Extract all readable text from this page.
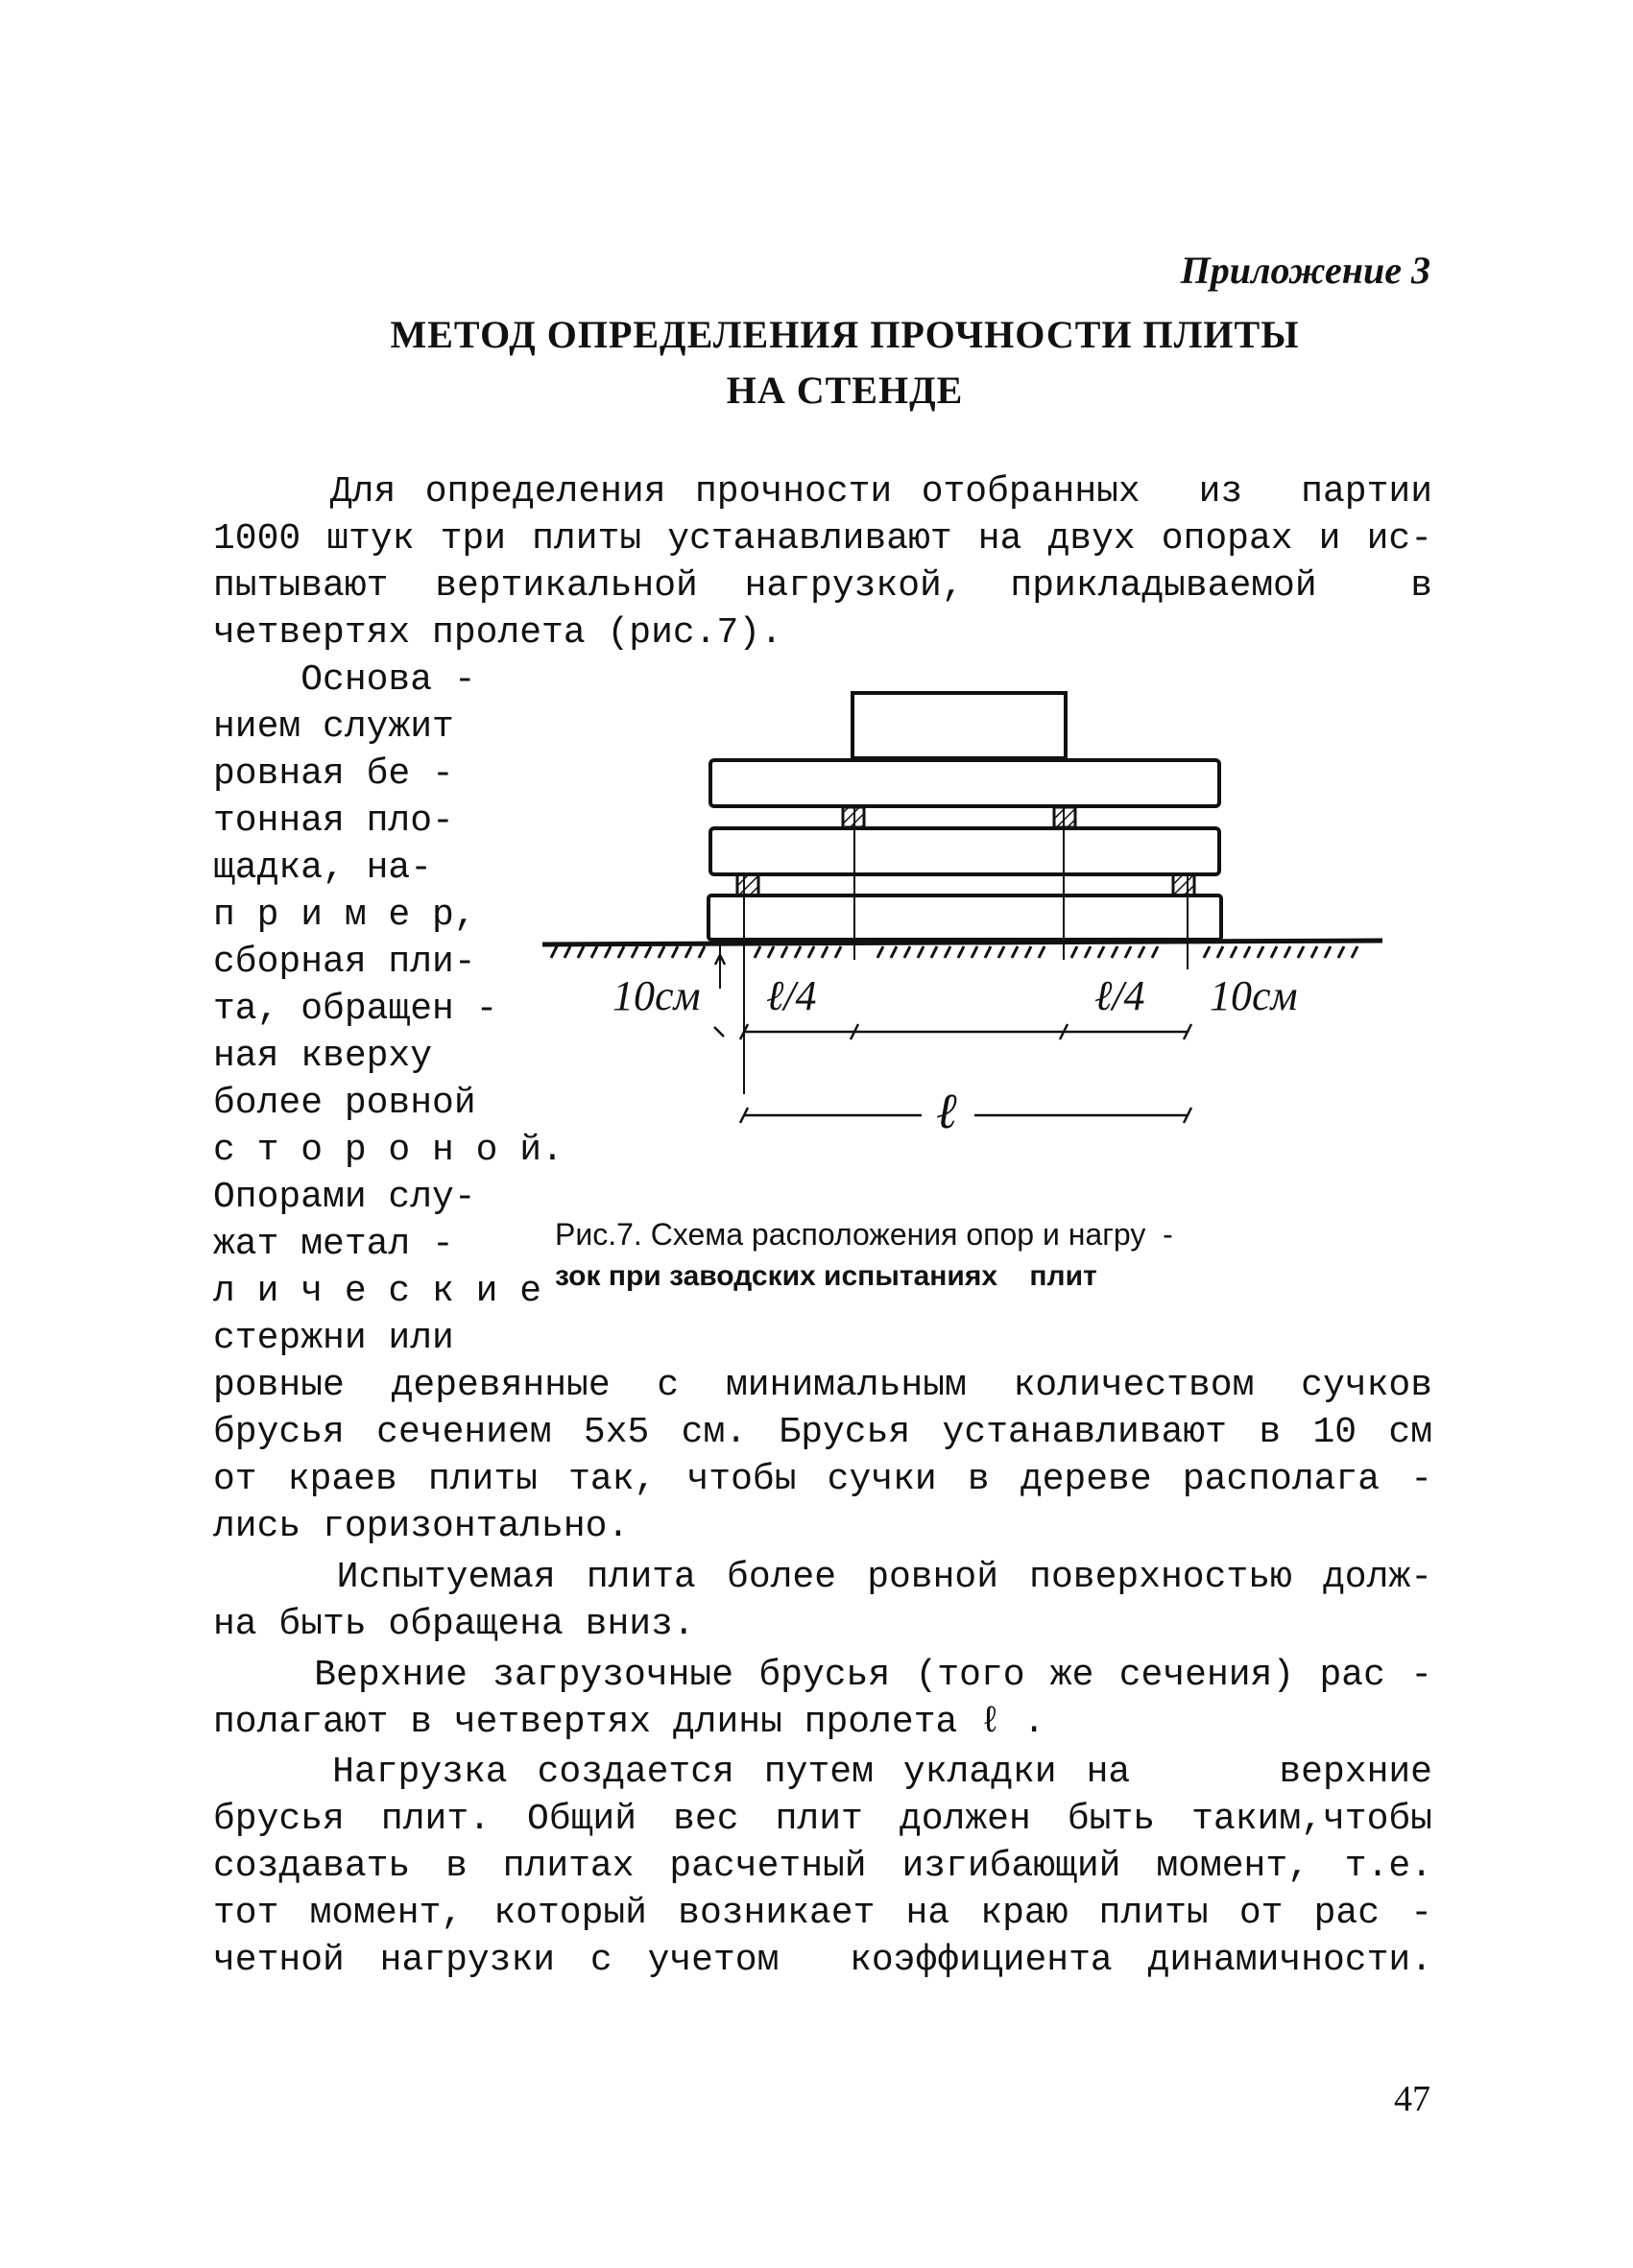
Приложение 3
МЕТОД ОПРЕДЕЛЕНИЯ ПРОЧНОСТИ ПЛИТЫ
НА СТЕНДЕ
Для определения прочности отобранных  из  партии
1000 штук три плиты устанавливают на двух опорах и ис-
пытывают вертикальной нагрузкой, прикладываемой  в
четвертях пролета (рис.7).
Основа -
нием служит
ровная бе -
тонная пло-
щадка, на-
п р и м е р,
сборная пли-
та, обращен -
ная кверху
более ровной
с т о р о н о й.
Опорами слу-
жат метал -
л и ч е с к и е
стержни или
10см ℓ/4	ℓ/4 10см
ℓ
Рис.7. Схема расположения опор и нагру  -
зок при заводских испытаниях    плит
ровные деревянные с минимальным количеством сучков
брусья сечением 5х5 см. Брусья устанавливают в 10 см
от краев плиты так, чтобы сучки в дереве располага -
лись горизонтально.
Испытуемая плита более ровной поверхностью долж-
на быть обращена вниз.
Верхние загрузочные брусья (того же сечения) рас -
полагают в четвертях длины пролета ℓ .
Нагрузка создается путем укладки на     верхние
брусья плит. Общий вес плит должен быть таким,чтобы
создавать в плитах расчетный изгибающий момент, т.е.
тот момент, который возникает на краю плиты от рас -
четной нагрузки с учетом  коэффициента динамичности.
47
